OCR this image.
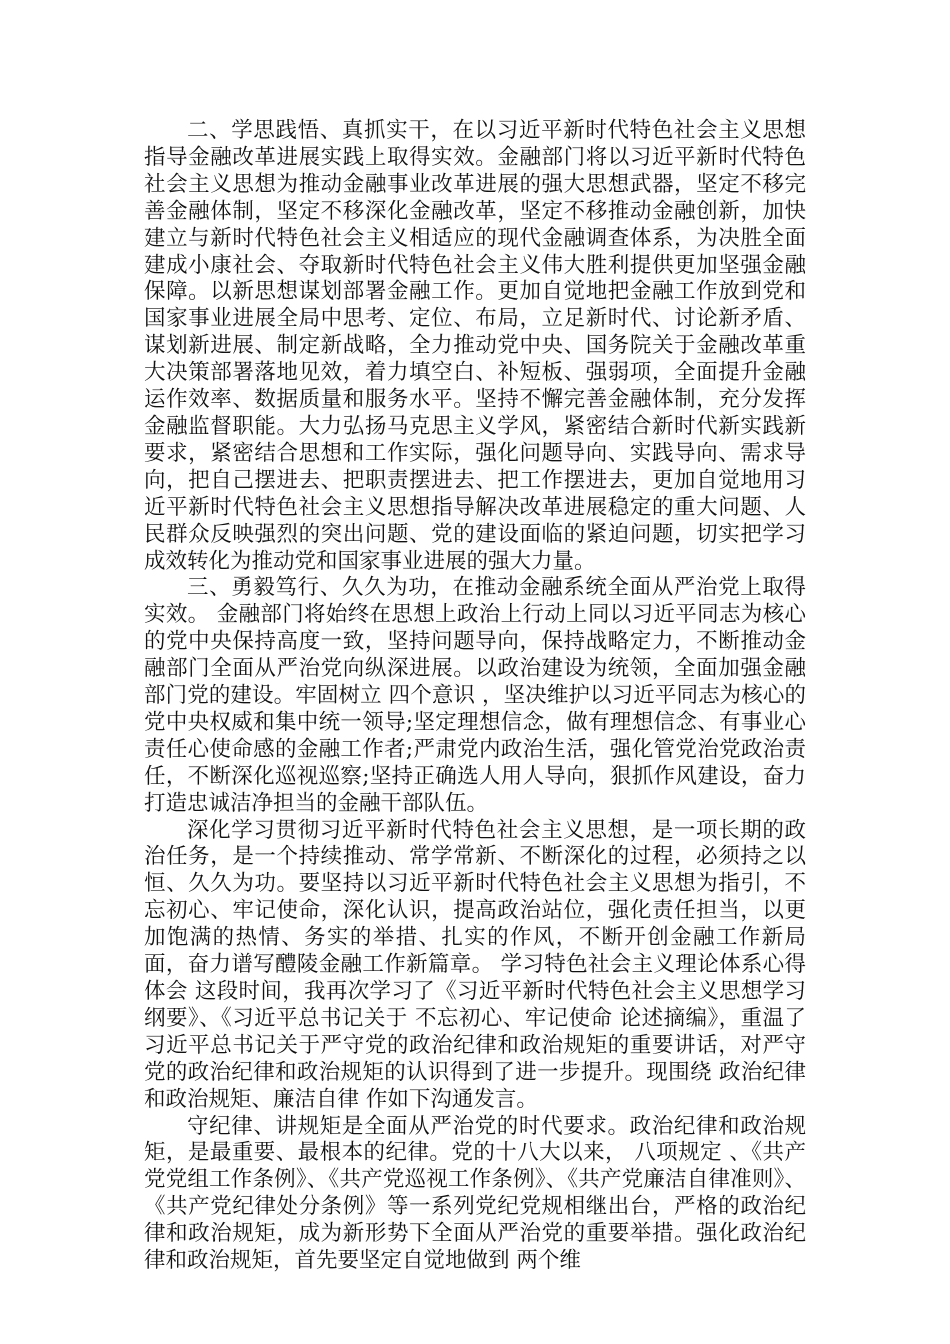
二、学思践悟、真抓实干，在以习近平新时代特色社会主义思想指导金融改革进展实践上取得实效。金融部门将以习近平新时代特色社会主义思想为推动金融事业改革进展的强大思想武器，坚定不移完善金融体制，坚定不移深化金融改革，坚定不移推动金融创新，加快建立与新时代特色社会主义相适应的现代金融调查体系，为决胜全面建成小康社会、夺取新时代特色社会主义伟大胜利提供更加坚强金融保障。以新思想谋划部署金融工作。更加自觉地把金融工作放到党和国家事业进展全局中思考、定位、布局，立足新时代、讨论新矛盾、谋划新进展、制定新战略，全力推动党中央、国务院关于金融改革重大决策部署落地见效，着力填空白、补短板、强弱项，全面提升金融运作效率、数据质量和服务水平。坚持不懈完善金融体制，充分发挥金融监督职能。大力弘扬马克思主义学风，紧密结合新时代新实践新要求，紧密结合思想和工作实际，强化问题导向、实践导向、需求导向，把自己摆进去、把职责摆进去、把工作摆进去，更加自觉地用习近平新时代特色社会主义思想指导解决改革进展稳定的重大问题、人民群众反映强烈的突出问题、党的建设面临的紧迫问题，切实把学习成效转化为推动党和国家事业进展的强大力量。

三、勇毅笃行、久久为功，在推动金融系统全面从严治党上取得实效。 金融部门将始终在思想上政治上行动上同以习近平同志为核心的党中央保持高度一致，坚持问题导向，保持战略定力，不断推动金融部门全面从严治党向纵深进展。以政治建设为统领，全面加强金融部门党的建设。牢固树立 四个意识 ，坚决维护以习近平同志为核心的党中央权威和集中统一领导;坚定理想信念，做有理想信念、有事业心责任心使命感的金融工作者;严肃党内政治生活，强化管党治党政治责任，不断深化巡视巡察;坚持正确选人用人导向，狠抓作风建设，奋力打造忠诚洁净担当的金融干部队伍。

深化学习贯彻习近平新时代特色社会主义思想，是一项长期的政治任务，是一个持续推动、常学常新、不断深化的过程，必须持之以恒、久久为功。要坚持以习近平新时代特色社会主义思想为指引，不忘初心、牢记使命，深化认识，提高政治站位，强化责任担当，以更加饱满的热情、务实的举措、扎实的作风，不断开创金融工作新局面，奋力谱写醴陵金融工作新篇章。 学习特色社会主义理论体系心得体会 这段时间，我再次学习了《习近平新时代特色社会主义思想学习纲要》、《习近平总书记关于 不忘初心、牢记使命 论述摘编》，重温了习近平总书记关于严守党的政治纪律和政治规矩的重要讲话，对严守党的政治纪律和政治规矩的认识得到了进一步提升。现围绕 政治纪律和政治规矩、廉洁自律 作如下沟通发言。

守纪律、讲规矩是全面从严治党的时代要求。政治纪律和政治规矩，是最重要、最根本的纪律。党的十八大以来， 八项规定 、《共产党党组工作条例》、《共产党巡视工作条例》、《共产党廉洁自律准则》、《共产党纪律处分条例》等一系列党纪党规相继出台，严格的政治纪律和政治规矩，成为新形势下全面从严治党的重要举措。强化政治纪律和政治规矩，首先要坚定自觉地做到 两个维
